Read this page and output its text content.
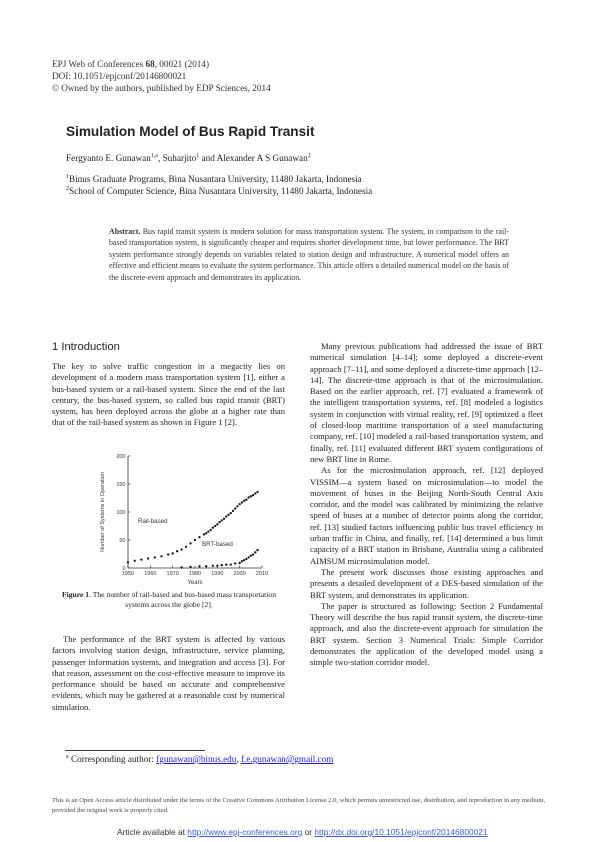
EPJ Web of Conferences 68, 00021 (2014)
DOI: 10.1051/epjconf/20146800021
© Owned by the authors, published by EDP Sciences, 2014
Simulation Model of Bus Rapid Transit
Fergyanto E. Gunawan$^{1,a}$, Suharjito$^1$ and Alexander A S Gunawan$^2$
$^1$Binus Graduate Programs, Bina Nusantara University, 11480 Jakarta, Indonesia
$^2$School of Computer Science, Bina Nusantara University, 11480 Jakarta, Indonesia
Abstract. Bus rapid transit system is modern solution for mass transportation system. The system, in comparison to the rail-based transportation system, is significantly cheaper and requires shorter development time, but lower performance. The BRT system performance strongly depends on variables related to station design and infrastructure. A numerical model offers an effective and efficient means to evaluate the system performance. This article offers a detailed numerical model on the basis of the discrete-event approach and demonstrates its application.
1 Introduction

The key to solve traffic congestion in a megacity lies on development of a modern mass transportation system [1], either a bus-based system or a rail-based system. Since the end of the last century, the bus-based system, so called bus rapid transit (BRT) system, has been deployed across the globe at a higher rate than that of the rail-based system as shown in Figure 1 [2].

0
50
100
150
200
1950 1960 1970 1980 1990 2000 2010
Number of Systems in Operation
Years
Rail-based
BRT-based
Figure 1. The number of rail-based and bus-based mass transportation systems across the globe [2].

The performance of the BRT system is affected by various factors involving station design, infrastructure, service planning, passenger information systems, and integration and access [3]. For that reason, assessment on the cost-effective measure to improve its performance should be based on accurate and comprehensive evidents, which may be gathered at a reasonable cost by numerical simulation.

Many previous publications had addressed the issue of BRT numerical simulation [4–14]; some deployed a discrete-event approach [7–11], and some deployed a discrete-time approach [12–14]. The discrete-time approach is that of the microsimulation. Based on the earlier approach, ref. [7] evaluated a framework of the intelligent transportation systems, ref. [8] modeled a logistics system in conjunction with virtual reality, ref. [9] optimized a fleet of closed-loop maritime transportation of a steel manufacturing company, ref. [10] modeled a rail-based transportation system, and finally, ref. [11] evaluated different BRT system configurations of new BRT line in Rome.

As for the microsimulation approach, ref. [12] deployed VISSIM—a system based on microsimulation—to model the movement of buses in the Beijing North-South Central Axis corridor, and the model was calibrated by minimizing the relative speed of buses at a number of detector points along the corridor, ref. [13] studied factors influencing public bus travel efficiency in urban traffic in China, and finally, ref. [14] determined a bus limit capacity of a BRT station in Brisbane, Australia using a calibrated AIMSUM microsimulation model.

The present work discusses those existing approaches and presents a detailed development of a DES-based simulation of the BRT system, and demonstrates its application.

The paper is structured as following: Section 2 Fundamental Theory will describe the bus rapid transit system, the discrete-time approach, and also the discrete-event approach for simulation the BRT system. Section 3 Numerical Trials: Simple Corridor demonstrates the application of the developed model using a simple two-station corridor model.

$^a$ Corresponding author: fgunawan@binus.edu, f.e.gunawan@gmail.com
This is an Open Access article distributed under the terms of the Creative Commons Attribution License 2.0, which permits unrestricted use, distribution, and reproduction in any medium, provided the original work is properly cited.
Article available at http://www.epj-conferences.org or http://dx.doi.org/10.1051/epjconf/20146800021
